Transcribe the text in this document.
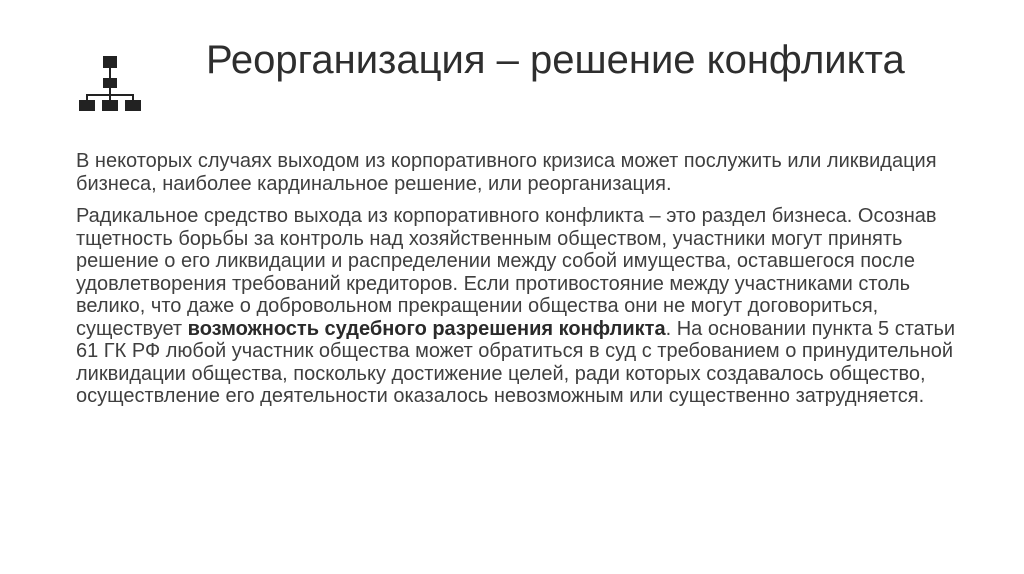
Реорганизация – решение конфликта

В некоторых случаях выходом из корпоративного кризиса может послужить или ликвидация бизнеса, наиболее кардинальное решение, или реорганизация.

Радикальное средство выхода из корпоративного конфликта – это раздел бизнеса. Осознав тщетность борьбы за контроль над хозяйственным обществом, участники могут принять решение о его ликвидации и распределении между собой имущества, оставшегося после удовлетворения требований кредиторов. Если противостояние между участниками столь велико, что даже о добровольном прекращении общества они не могут договориться, существует возможность судебного разрешения конфликта. На основании пункта 5 статьи 61 ГК РФ любой участник общества может обратиться в суд с требованием о принудительной ликвидации общества, поскольку достижение целей, ради которых создавалось общество, осуществление его деятельности оказалось невозможным или существенно затрудняется.
